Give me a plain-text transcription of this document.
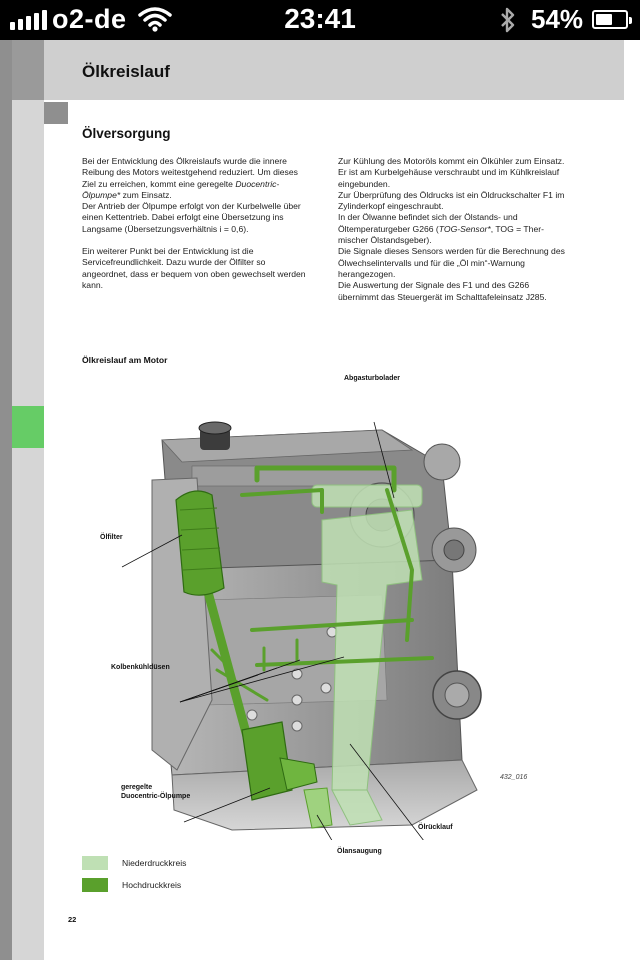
o2-de	23:41	54%
Ölkreislauf
Ölversorgung

Bei der Entwicklung des Ölkreislaufs wurde die innere Reibung des Motors weitestgehend reduziert. Um dieses Ziel zu erreichen, kommt eine geregelte Duocentric-Ölpumpe* zum Einsatz.
Der Antrieb der Ölpumpe erfolgt von der Kurbelwelle über einen Kettentrieb. Dabei erfolgt eine Übersetzung ins Langsame (Übersetzungsverhältnis i = 0,6).

Ein weiterer Punkt bei der Entwicklung ist die Servicefreundlichkeit. Dazu wurde der Ölfilter so angeordnet, dass er bequem von oben gewechselt werden kann.

Zur Kühlung des Motoröls kommt ein Ölkühler zum Einsatz. Er ist am Kurbelgehäuse verschraubt und im Kühlkreislauf eingebunden.
Zur Überprüfung des Öldrucks ist ein Öldruckschalter F1 im Zylinderkopf eingeschraubt.
In der Ölwanne befindet sich der Ölstands- und Öltemperaturgeber G266 (TOG-Sensor*, TOG = Thermischer Ölstandsgeber).
Die Signale dieses Sensors werden für die Berechnung des Ölwechselintervalls und für die „Öl min“-Warnung herangezogen.
Die Auswertung der Signale des F1 und des G266 übernimmt das Steuergerät im Schalttafeleinsatz J285.

Ölkreislauf am Motor
Abgasturbolader
Ölfilter
Kolbenkühldüsen
geregelte
Duocentric-Ölpumpe
Ölrücklauf
Ölansaugung
432_016
Niederdruckkreis
Hochdruckkreis
22
